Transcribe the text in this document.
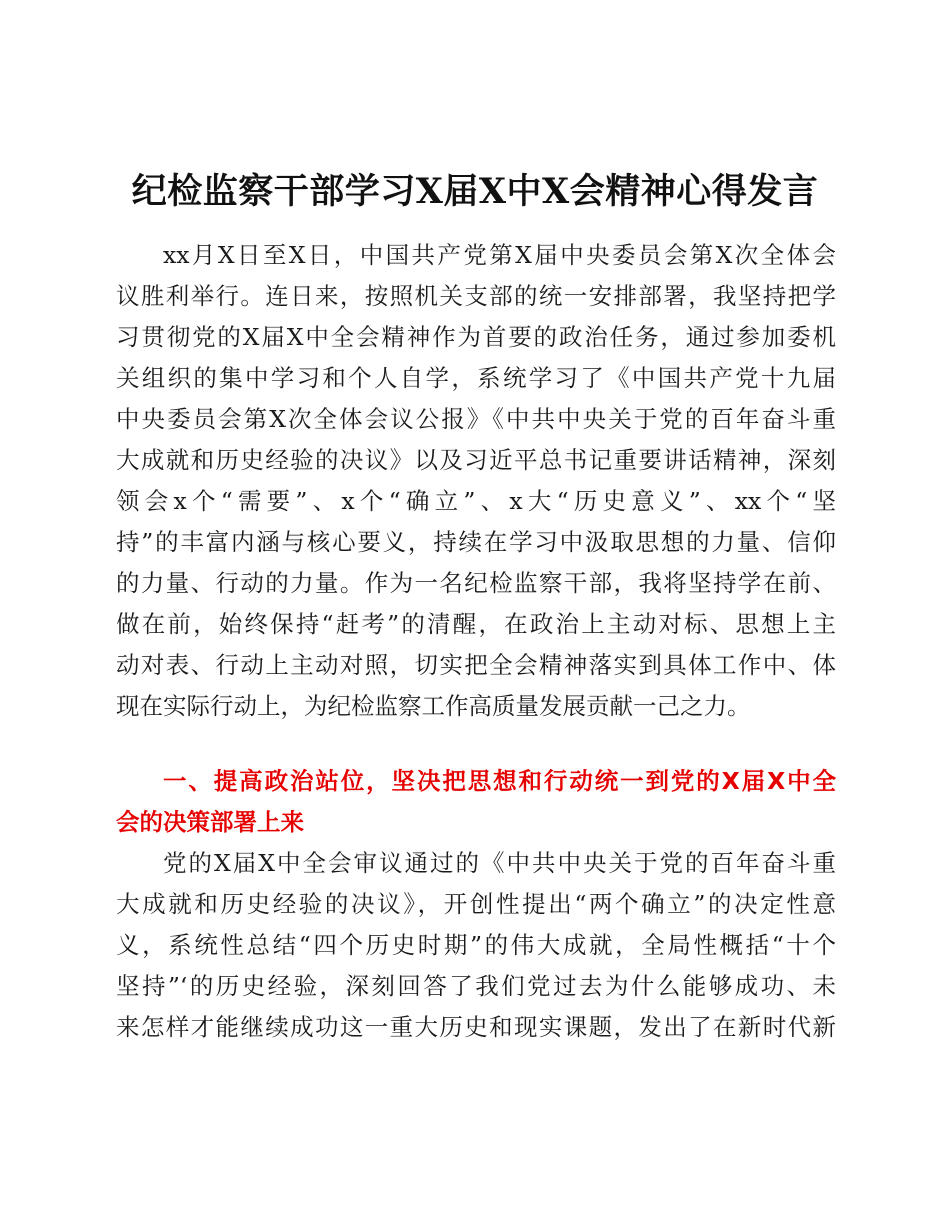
纪检监察干部学习X届X中X会精神心得发言
xx月X日至X日，中国共产党第X届中央委员会第X次全体会
议胜利举行。连日来，按照机关支部的统一安排部署，我坚持把学
习贯彻党的X届X中全会精神作为首要的政治任务，通过参加委机
关组织的集中学习和个人自学，系统学习了《中国共产党十九届
中央委员会第X次全体会议公报》《中共中央关于党的百年奋斗重
大成就和历史经验的决议》以及习近平总书记重要讲话精神，深刻
领会x个“需要”、x个“确立”、x大“历史意义”、xx个“坚
持”的丰富内涵与核心要义，持续在学习中汲取思想的力量、信仰
的力量、行动的力量。作为一名纪检监察干部，我将坚持学在前、
做在前，始终保持“赶考”的清醒，在政治上主动对标、思想上主
动对表、行动上主动对照，切实把全会精神落实到具体工作中、体
现在实际行动上，为纪检监察工作高质量发展贡献一己之力。
一、提高政治站位，坚决把思想和行动统一到党的X届X中全
会的决策部署上来
党的X届X中全会审议通过的《中共中央关于党的百年奋斗重
大成就和历史经验的决议》，开创性提出“两个确立”的决定性意
义，系统性总结“四个历史时期”的伟大成就，全局性概括“十个
坚持”‘的历史经验，深刻回答了我们党过去为什么能够成功、未
来怎样才能继续成功这一重大历史和现实课题，发出了在新时代新
